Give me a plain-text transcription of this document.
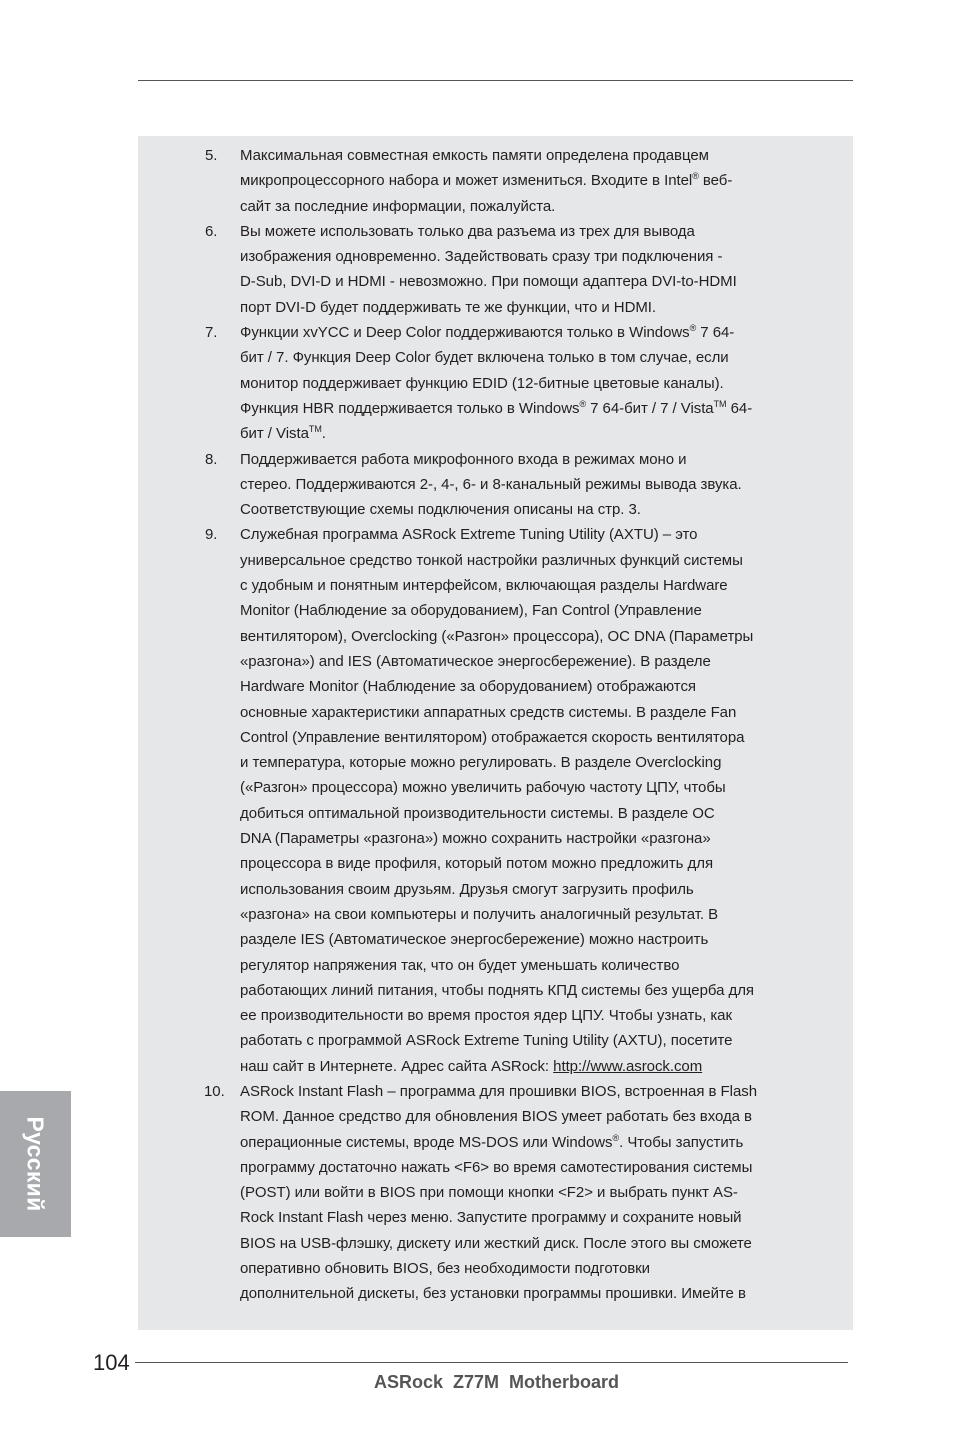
5. Максимальная совместная емкость памяти определена продавцем
микропроцессорного набора и может измениться. Входите в Intel® веб-
сайт за последние информации, пожалуйста.
6. Вы можете использовать только два разъема из трех для вывода
изображения одновременно. Задействовать сразу три подключения -
D-Sub, DVI-D и HDMI - невозможно. При помощи адаптера DVI-to-HDMI
порт DVI-D будет поддерживать те же функции, что и HDMI.
7. Функции xvYCC и Deep Color поддерживаются только в Windows® 7 64-
бит / 7. Функция Deep Color будет включена только в том случае, если
монитор поддерживает функцию EDID (12-битные цветовые каналы).
Функция HBR поддерживается только в Windows® 7 64-бит / 7 / Vista™ 64-
бит / Vista™.
8. Поддерживается работа микрофонного входа в режимах моно и
стерео. Поддерживаются 2-, 4-, 6- и 8-канальный режимы вывода звука.
Соответствующие схемы подключения описаны на стр. 3.
9. Служебная программа ASRock Extreme Tuning Utility (AXTU) – это
универсальное средство тонкой настройки различных функций системы
с удобным и понятным интерфейсом, включающая разделы Hardware
Monitor (Наблюдение за оборудованием), Fan Control (Управление
вентилятором), Overclocking («Разгон» процессора), OC DNA (Параметры
«разгона») and IES (Автоматическое энергосбережение). В разделе
Hardware Monitor (Наблюдение за оборудованием) отображаются
основные характеристики аппаратных средств системы. В разделе Fan
Control (Управление вентилятором) отображается скорость вентилятора
и температура, которые можно регулировать. В разделе Overclocking
(«Разгон» процессора) можно увеличить рабочую частоту ЦПУ, чтобы
добиться оптимальной производительности системы. В разделе OC
DNA (Параметры «разгона») можно сохранить настройки «разгона»
процессора в виде профиля, который потом можно предложить для
использования своим друзьям. Друзья смогут загрузить профиль
«разгона» на свои компьютеры и получить аналогичный результат. В
разделе IES (Автоматическое энергосбережение) можно настроить
регулятор напряжения так, что он будет уменьшать количество
работающих линий питания, чтобы поднять КПД системы без ущерба для
ее производительности во время простоя ядер ЦПУ. Чтобы узнать, как
работать с программой ASRock Extreme Tuning Utility (AXTU), посетите
наш сайт в Интернете. Адрес сайта ASRock: http://www.asrock.com
10. ASRock Instant Flash – программа для прошивки BIOS, встроенная в Flash
ROM. Данное средство для обновления BIOS умеет работать без входа в
операционные системы, вроде MS-DOS или Windows®. Чтобы запустить
программу достаточно нажать <F6> во время самотестирования системы
(POST) или войти в BIOS при помощи кнопки <F2> и выбрать пункт AS-
Rock Instant Flash через меню. Запустите программу и сохраните новый
BIOS на USB-флэшку, дискету или жесткий диск. После этого вы сможете
оперативно обновить BIOS, без необходимости подготовки
дополнительной дискеты, без установки программы прошивки. Имейте в
Русский
104
ASRock  Z77M  Motherboard
